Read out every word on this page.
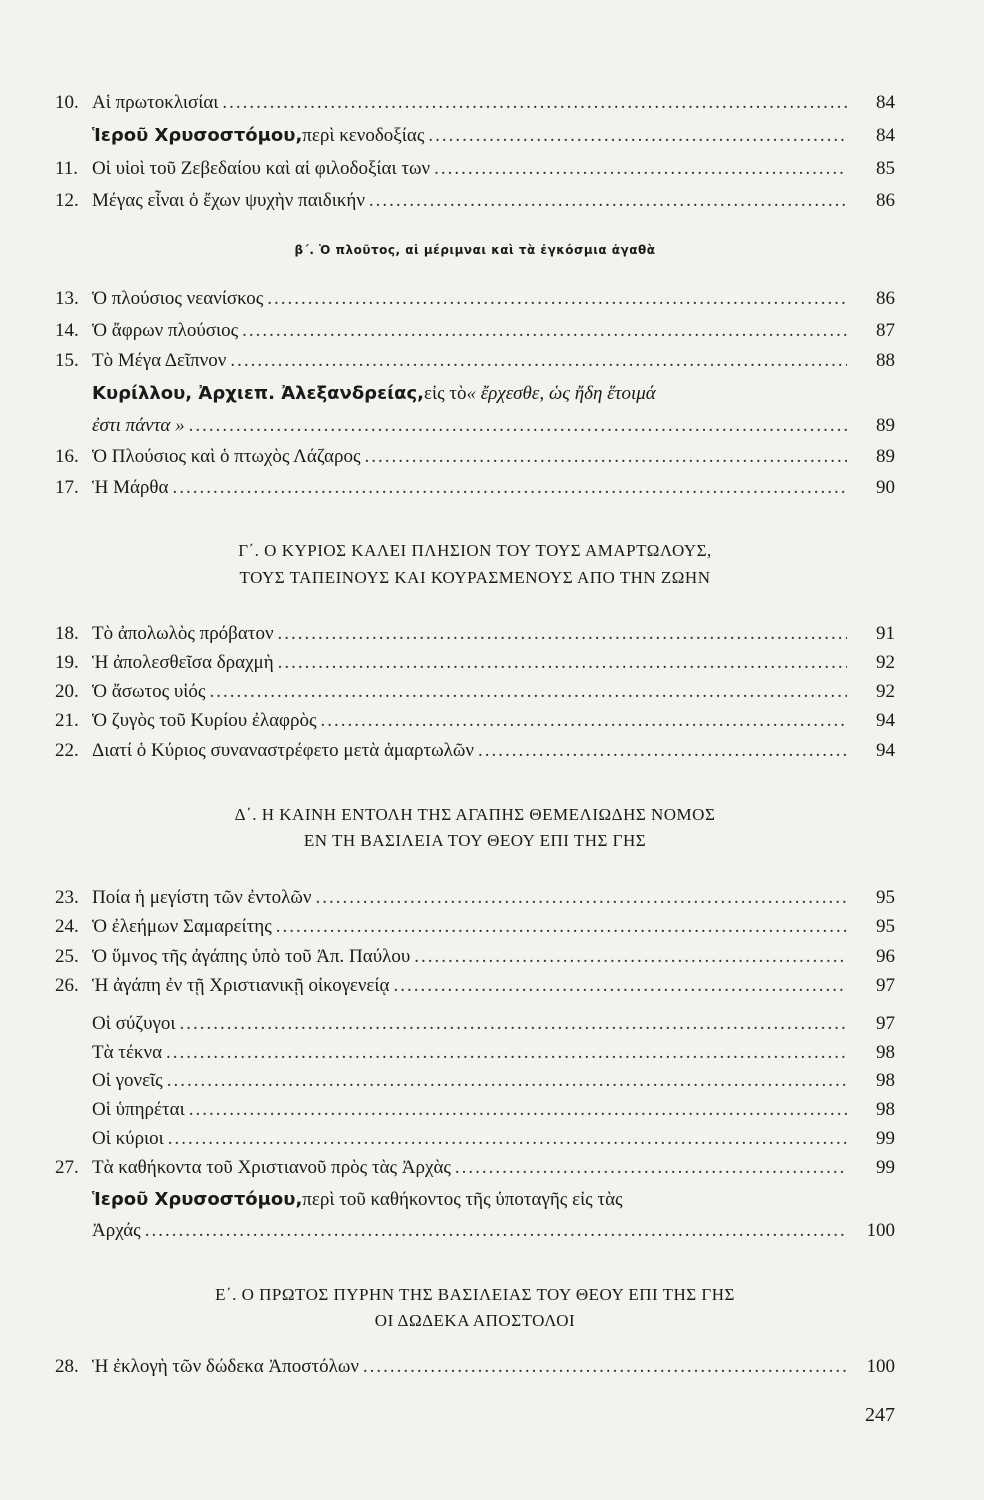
10. Αἱ πρωτοκλισίαι .....	84
Ἱεροῦ Χρυσοστόμου, περὶ κενοδοξίας .....	84
11. Οἱ υἱοὶ τοῦ Ζεβεδαίου καὶ αἱ φιλοδοξίαι των .....	85
12. Μέγας εἶναι ὁ ἔχων ψυχὴν παιδικήν .....	86
β΄. Ὁ πλοῦτος, αἱ μέριμναι καὶ τὰ ἐγκόσμια ἀγαθὰ
13. Ὁ πλούσιος νεανίσκος .....	86
14. Ὁ ἄφρων πλούσιος .....	87
15. Τὸ Μέγα Δεῖπνον .....	88
Κυρίλλου, Ἀρχιεπ. Ἀλεξανδρείας, εἰς τὸ « ἔρχεσθε, ὡς ἤδη ἕτοιμά
ἐστι πάντα » .....	89
16. Ὁ Πλούσιος καὶ ὁ πτωχὸς Λάζαρος .....	89
17. Ἡ Μάρθα .....	90
Γ΄. Ο ΚΥΡΙΟΣ ΚΑΛΕΙ ΠΛΗΣΙΟΝ ΤΟΥ ΤΟΥΣ ΑΜΑΡΤΩΛΟΥΣ,
ΤΟΥΣ ΤΑΠΕΙΝΟΥΣ ΚΑΙ ΚΟΥΡΑΣΜΕΝΟΥΣ ΑΠΟ ΤΗΝ ΖΩΗΝ
18. Τὸ ἀπολωλὸς πρόβατον .....	91
19. Ἡ ἀπολεσθεῖσα δραχμὴ .....	92
20. Ὁ ἄσωτος υἱός .....	92
21. Ὁ ζυγὸς τοῦ Κυρίου ἐλαφρὸς .....	94
22. Διατί ὁ Κύριος συναναστρέφετο μετὰ ἁμαρτωλῶν .....	94
Δ΄. Η ΚΑΙΝΗ ΕΝΤΟΛΗ ΤΗΣ ΑΓΑΠΗΣ ΘΕΜΕΛΙΩΔΗΣ ΝΟΜΟΣ
ΕΝ ΤΗ ΒΑΣΙΛΕΙΑ ΤΟΥ ΘΕΟΥ ΕΠΙ ΤΗΣ ΓΗΣ
23. Ποία ἡ μεγίστη τῶν ἐντολῶν .....	95
24. Ὁ ἐλεήμων Σαμαρείτης .....	95
25. Ὁ ὕμνος τῆς ἀγάπης ὑπὸ τοῦ Ἀπ. Παύλου .....	96
26. Ἡ ἀγάπη ἐν τῇ Χριστιανικῇ οἰκογενείᾳ .....	97
Οἱ σύζυγοι .....	97
Τὰ τέκνα .....	98
Οἱ γονεῖς .....	98
Οἱ ὑπηρέται .....	98
Οἱ κύριοι .....	99
27. Τὰ καθήκοντα τοῦ Χριστιανοῦ πρὸς τὰς Ἀρχὰς .....	99
Ἱεροῦ Χρυσοστόμου, περὶ τοῦ καθήκοντος τῆς ὑποταγῆς εἰς τὰς
Ἀρχάς .....	100
Ε΄. Ο ΠΡΩΤΟΣ ΠΥΡΗΝ ΤΗΣ ΒΑΣΙΛΕΙΑΣ ΤΟΥ ΘΕΟΥ ΕΠΙ ΤΗΣ ΓΗΣ
ΟΙ ΔΩΔΕΚΑ ΑΠΟΣΤΟΛΟΙ
28. Ἡ ἐκλογὴ τῶν δώδεκα Ἀποστόλων .....	100
247
